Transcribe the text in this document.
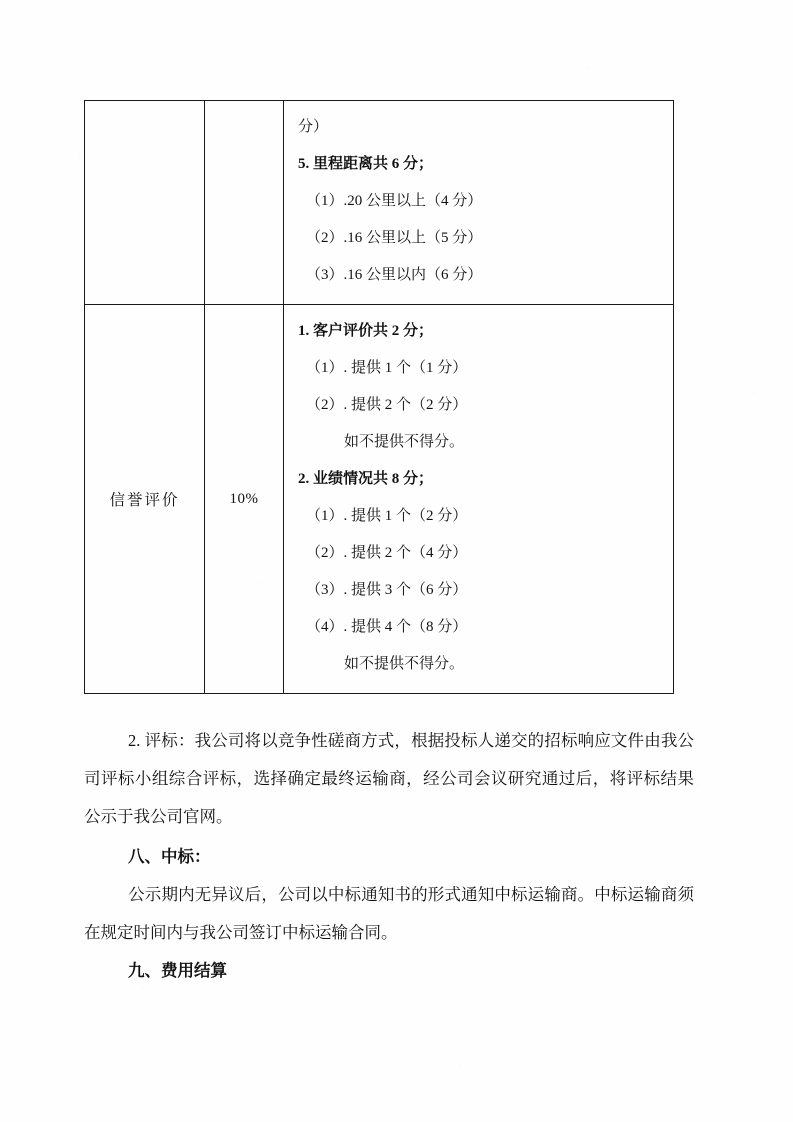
		分）
5. 里程距离共 6 分；
（1）.20 公里以上（4 分）
（2）.16 公里以上（5 分）
（3）.16 公里以内（6 分）

信誉评价	10%

1. 客户评价共 2 分；
（1）. 提供 1 个（1 分）
（2）. 提供 2 个（2 分）
如不提供不得分。
2. 业绩情况共 8 分；
（1）. 提供 1 个（2 分）
（2）. 提供 2 个（4 分）
（3）. 提供 3 个（6 分）
（4）. 提供 4 个（8 分）
如不提供不得分。
2. 评标：我公司将以竞争性磋商方式，根据投标人递交的招标响应文件由我公司评标小组综合评标，选择确定最终运输商，经公司会议研究通过后，将评标结果公示于我公司官网。
八、中标：
公示期内无异议后，公司以中标通知书的形式通知中标运输商。中标运输商须在规定时间内与我公司签订中标运输合同。
九、费用结算
